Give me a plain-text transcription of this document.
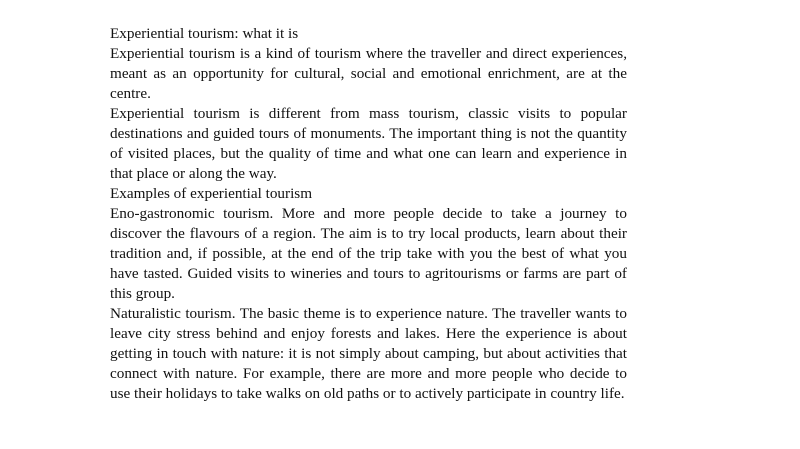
Experiential tourism: what it is

Experiential tourism is a kind of tourism where the traveller and direct experiences, meant as an opportunity for cultural, social and emotional enrichment, are at the centre.

Experiential tourism is different from mass tourism, classic visits to popular destinations and guided tours of monuments. The important thing is not the quantity of visited places, but the quality of time and what one can learn and experience in that place or along the way.

Examples of experiential tourism

Eno-gastronomic tourism. More and more people decide to take a journey to discover the flavours of a region. The aim is to try local products, learn about their tradition and, if possible, at the end of the trip take with you the best of what you have tasted. Guided visits to wineries and tours to agritourisms or farms are part of this group.

Naturalistic tourism. The basic theme is to experience nature. The traveller wants to leave city stress behind and enjoy forests and lakes. Here the experience is about getting in touch with nature: it is not simply about camping, but about activities that connect with nature. For example, there are more and more people who decide to use their holidays to take walks on old paths or to actively participate in country life.
